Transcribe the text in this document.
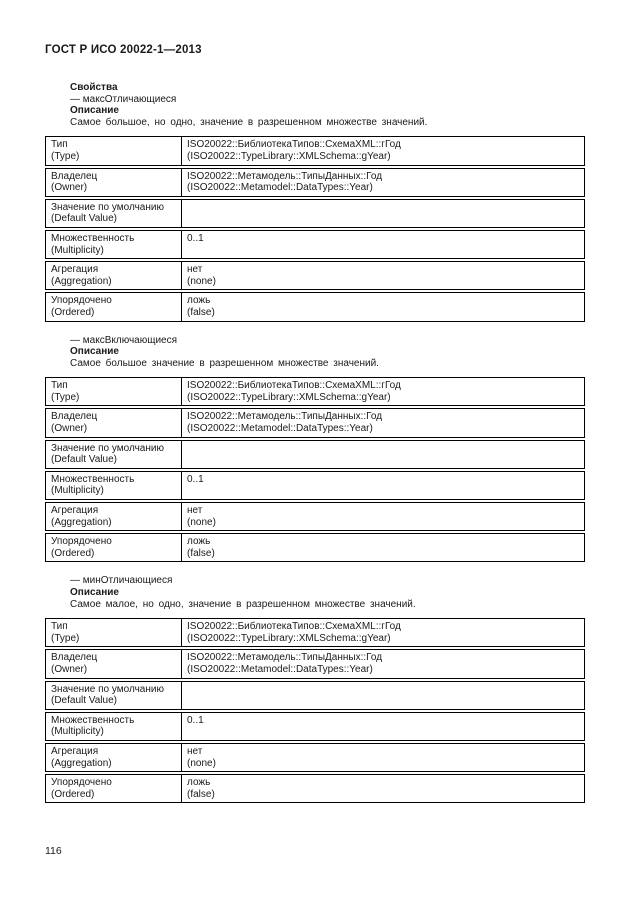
ГОСТ Р ИСО 20022-1—2013
Свойства
— максОтличающиеся
Описание
Самое большое, но одно, значение в разрешенном множестве значений.
Тип
(Type)
ISO20022::БиблиотекаТипов::СхемаXML::гГод
(ISO20022::TypeLibrary::XMLSchema::gYear)
Владелец
(Owner)
ISO20022::Метамодель::ТипыДанных::Год
(ISO20022::Metamodel::DataTypes::Year)
Значение по умолчанию
(Default Value)
Множественность
(Multiplicity)
0..1
Агрегация
(Aggregation)
нет
(none)
Упорядочено
(Ordered)
ложь
(false)
— максВключающиеся
Описание
Самое большое значение в разрешенном множестве значений.
Тип
(Type)
ISO20022::БиблиотекаТипов::СхемаXML::гГод
(ISO20022::TypeLibrary::XMLSchema::gYear)
Владелец
(Owner)
ISO20022::Метамодель::ТипыДанных::Год
(ISO20022::Metamodel::DataTypes::Year)
Значение по умолчанию
(Default Value)
Множественность
(Multiplicity)
0..1
Агрегация
(Aggregation)
нет
(none)
Упорядочено
(Ordered)
ложь
(false)
— минОтличающиеся
Описание
Самое малое, но одно, значение в разрешенном множестве значений.
Тип
(Type)
ISO20022::БиблиотекаТипов::СхемаXML::гГод
(ISO20022::TypeLibrary::XMLSchema::gYear)
Владелец
(Owner)
ISO20022::Метамодель::ТипыДанных::Год
(ISO20022::Metamodel::DataTypes::Year)
Значение по умолчанию
(Default Value)
Множественность
(Multiplicity)
0..1
Агрегация
(Aggregation)
нет
(none)
Упорядочено
(Ordered)
ложь
(false)
116
